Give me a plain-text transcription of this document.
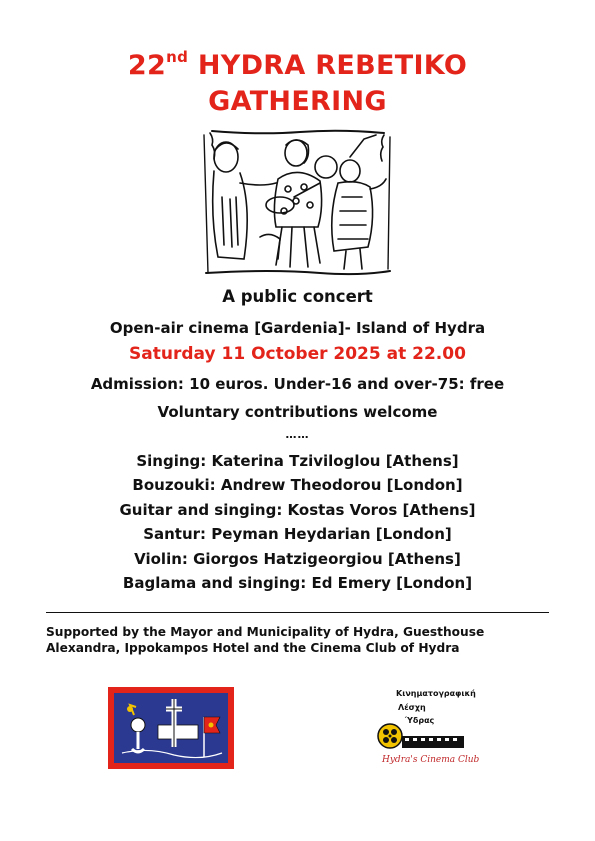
22nd HYDRA REBETIKO
GATHERING
A public concert
Open-air cinema [Gardenia]- Island of Hydra
Saturday 11 October 2025 at 22.00
Admission: 10 euros. Under-16 and over-75: free
Voluntary contributions welcome
……
Singing: Katerina Tziviloglou [Athens]
Bouzouki: Andrew Theodorou [London]
Guitar and singing: Kostas Voros [Athens]
Santur: Peyman Heydarian [London]
Violin: Giorgos Hatzigeorgiou [Athens]
Baglama and singing: Ed Emery [London]
Supported by the Mayor and Municipality of Hydra, Guesthouse Alexandra, Ippokampos Hotel and the Cinema Club of Hydra
Κινηματογραφική
Λέσχη
Ύδρας
Hydra's Cinema Club
